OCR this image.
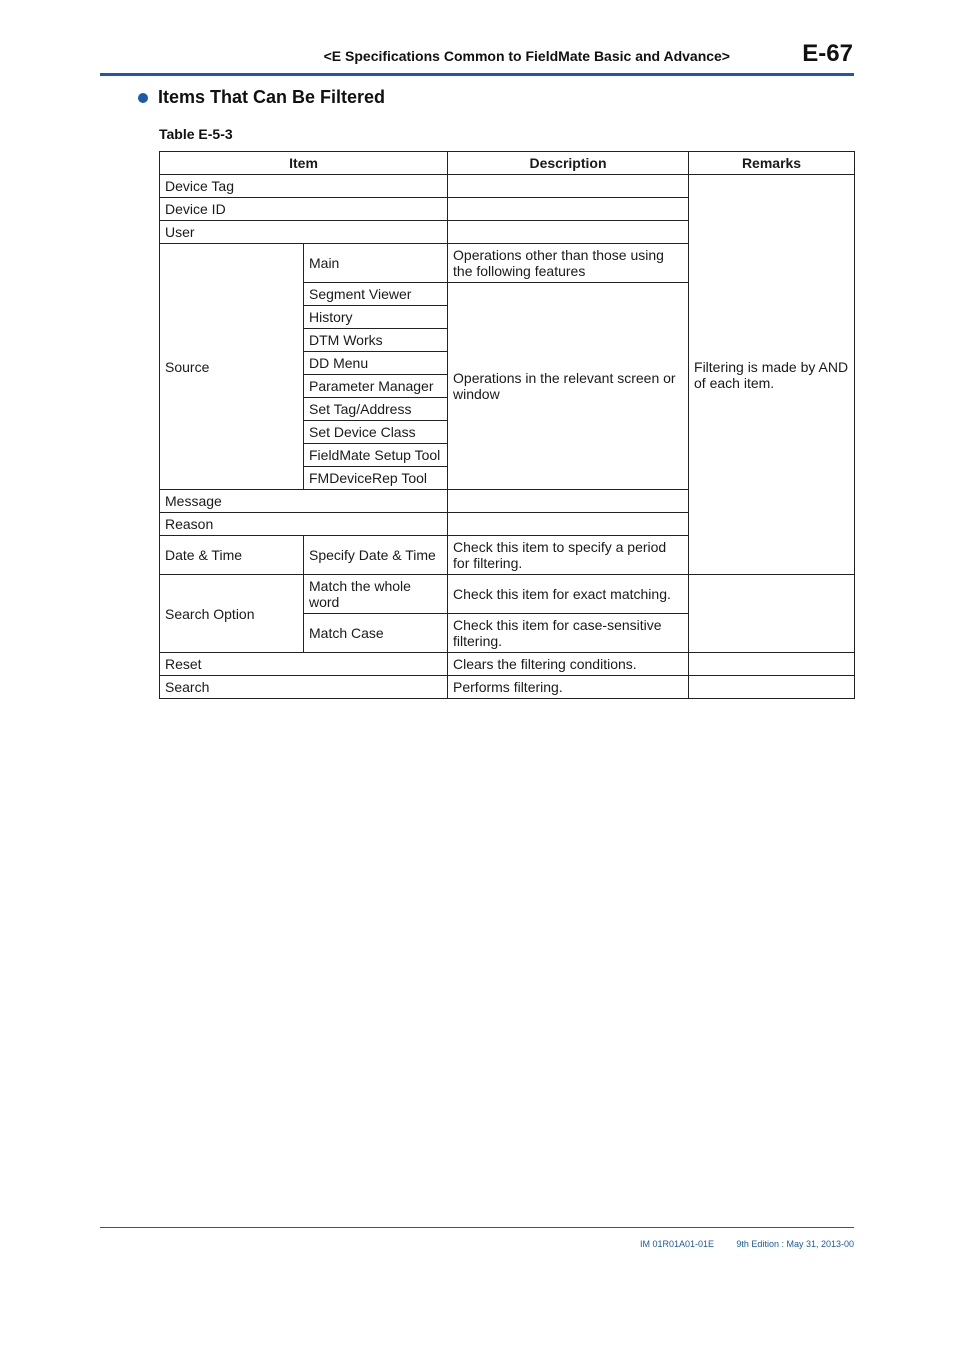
<E Specifications Common to FieldMate Basic and Advance>	E-67
Items That Can Be Filtered
Table E-5-3
Item		Description	Remarks
Device Tag			Filtering is made by AND of each item.
Device ID			
User			
Source	Main	Operations other than those using the following features	
	Segment Viewer	Operations in the relevant screen or window	
	History		
	DTM Works		
	DD Menu		
	Parameter Manager		
	Set Tag/Address		
	Set Device Class		
	FieldMate Setup Tool		
	FMDeviceRep Tool		
Message			
Reason			
Date & Time	Specify Date & Time	Check this item to specify a period for filtering.	
Search Option	Match the whole word	Check this item for exact matching.	
	Match Case	Check this item for case-sensitive filtering.	
Reset		Clears the filtering conditions.	
Search		Performs filtering.	
IM 01R01A01-01E 9th Edition : May 31, 2013-00
